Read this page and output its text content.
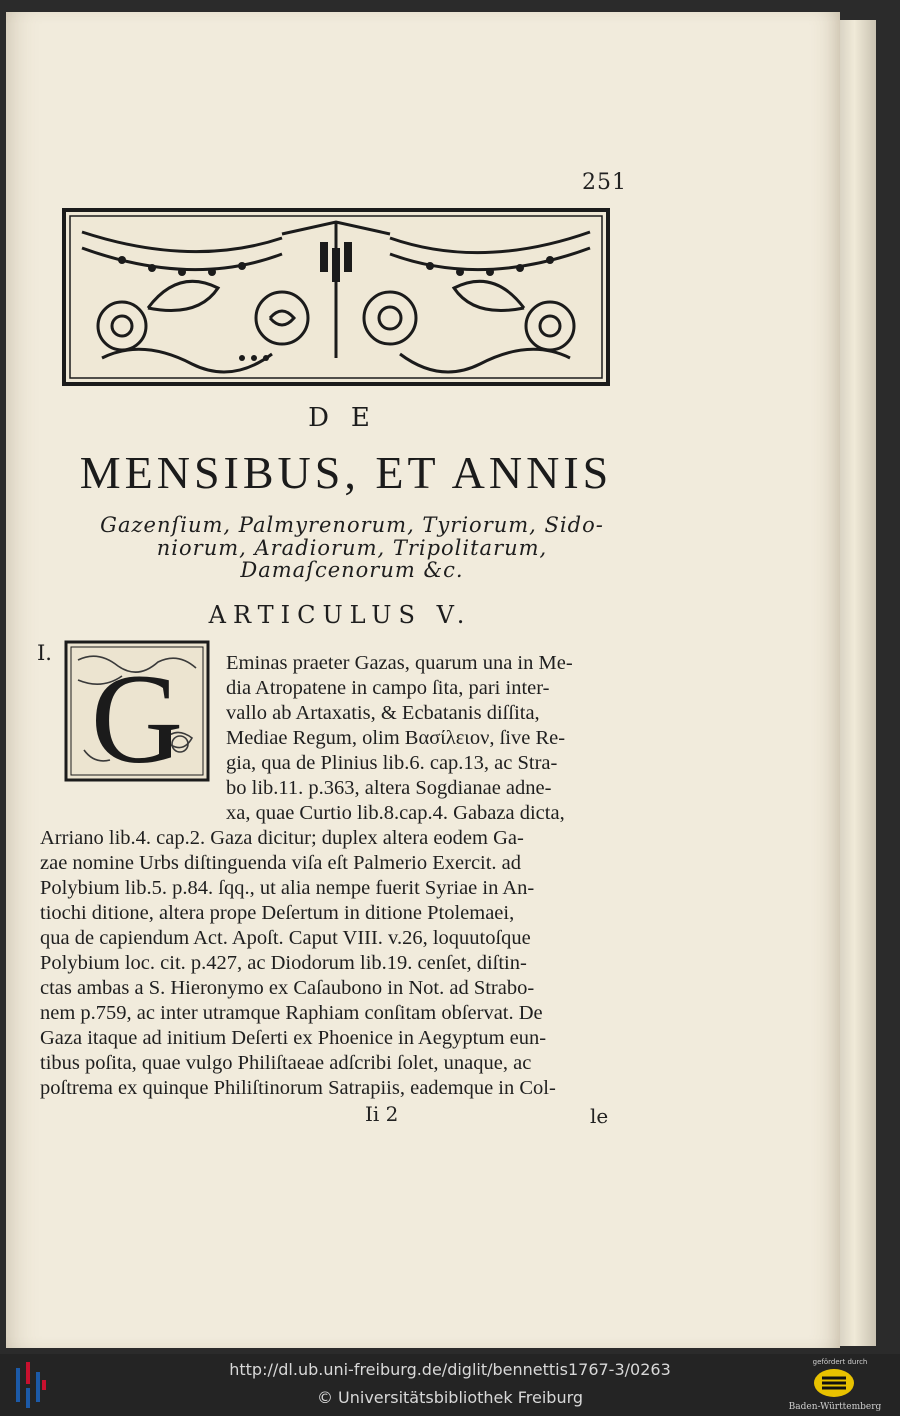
251
DE
MENSIBUS, ET ANNIS
Gazenſium, Palmyrenorum, Tyriorum, Sido-
niorum, Aradiorum, Tripolitarum,
Damaſcenorum &c.
ARTICULUS V.
I. G Eminas praeter Gazas, quarum una in Me-
dia Atropatene in campo ſita, pari inter-
vallo ab Artaxatis, & Ecbatanis diſſita,
Mediae Regum, olim Βασίλειον, ſive Re-
gia, qua de Plinius lib.6. cap.13, ac Stra-
bo lib.11. p.363, altera Sogdianae adne-
xa, quae Curtio lib.8.cap.4. Gabaza dicta,
Arriano lib.4. cap.2. Gaza dicitur; duplex altera eodem Ga-
zae nomine Urbs diſtinguenda viſa eſt Palmerio Exercit. ad
Polybium lib.5. p.84. ſqq., ut alia nempe fuerit Syriae in An-
tiochi ditione, altera prope Deſertum in ditione Ptolemaei,
qua de capiendum Act. Apoſt. Caput VIII. v.26, loquutoſque
Polybium loc. cit. p.427, ac Diodorum lib.19. cenſet, diſtin-
ctas ambas a S. Hieronymo ex Caſaubono in Not. ad Strabo-
nem p.759, ac inter utramque Raphiam conſitam obſervat. De
Gaza itaque ad initium Deſerti ex Phoenice in Aegyptum eun-
tibus poſita, quae vulgo Philiſtaeae adſcribi ſolet, unaque, ac
poſtrema ex quinque Philiſtinorum Satrapiis, eademque in Col-
Ii 2	le
http://dl.ub.uni-freiburg.de/diglit/bennettis1767-3/0263
© Universitätsbibliothek Freiburg
gefördert durch
Baden-Württemberg
